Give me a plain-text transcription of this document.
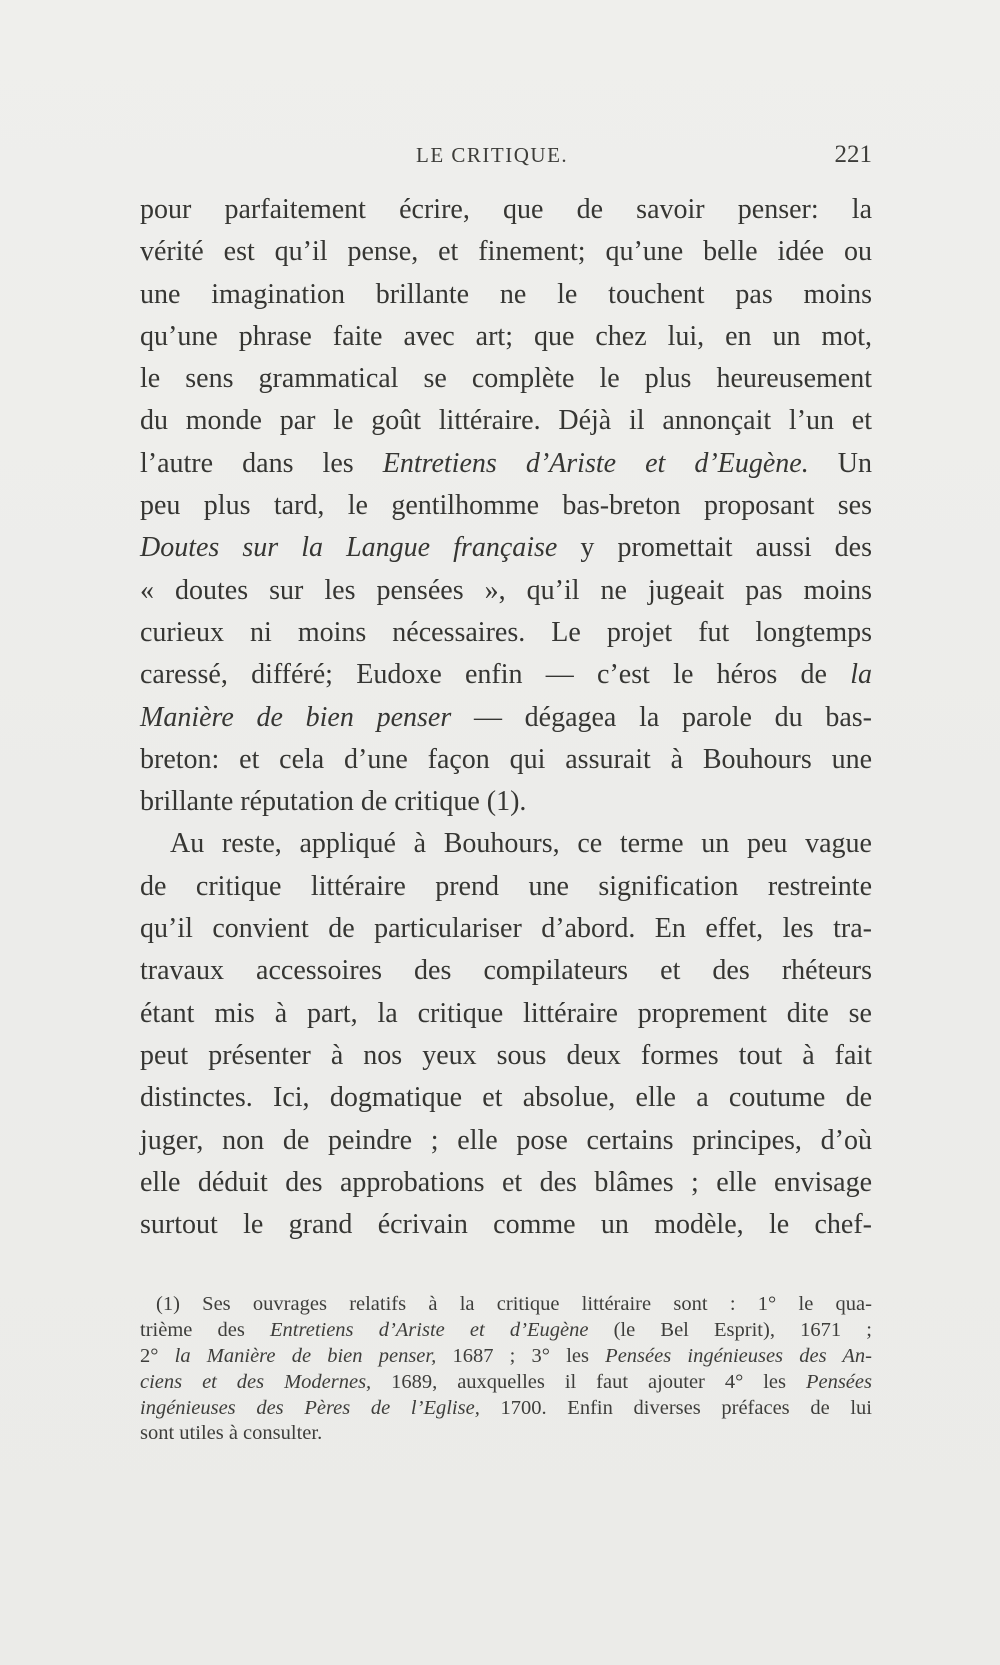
LE CRITIQUE.	221
pour parfaitement écrire, que de savoir penser: la
vérité est qu’il pense, et finement; qu’une belle idée ou
une imagination brillante ne le touchent pas moins
qu’une phrase faite avec art; que chez lui, en un mot,
le sens grammatical se complète le plus heureusement
du monde par le goût littéraire. Déjà il annonçait l’un et
l’autre dans les Entretiens d’Ariste et d’Eugène. Un
peu plus tard, le gentilhomme bas-breton proposant ses
Doutes sur la Langue française y promettait aussi des
« doutes sur les pensées », qu’il ne jugeait pas moins
curieux ni moins nécessaires. Le projet fut longtemps
caressé, différé; Eudoxe enfin — c’est le héros de la
Manière de bien penser — dégagea la parole du bas-
breton: et cela d’une façon qui assurait à Bouhours une
brillante réputation de critique (1).
Au reste, appliqué à Bouhours, ce terme un peu vague
de critique littéraire prend une signification restreinte
qu’il convient de particulariser d’abord. En effet, les tra-
travaux accessoires des compilateurs et des rhéteurs
étant mis à part, la critique littéraire proprement dite se
peut présenter à nos yeux sous deux formes tout à fait
distinctes. Ici, dogmatique et absolue, elle a coutume de
juger, non de peindre ; elle pose certains principes, d’où
elle déduit des approbations et des blâmes ; elle envisage
surtout le grand écrivain comme un modèle, le chef-
(1) Ses ouvrages relatifs à la critique littéraire sont : 1° le qua-
trième des Entretiens d’Ariste et d’Eugène (le Bel Esprit), 1671 ;
2° la Manière de bien penser, 1687 ; 3° les Pensées ingénieuses des An-
ciens et des Modernes, 1689, auxquelles il faut ajouter 4° les Pensées
ingénieuses des Pères de l’Eglise, 1700. Enfin diverses préfaces de lui
sont utiles à consulter.
